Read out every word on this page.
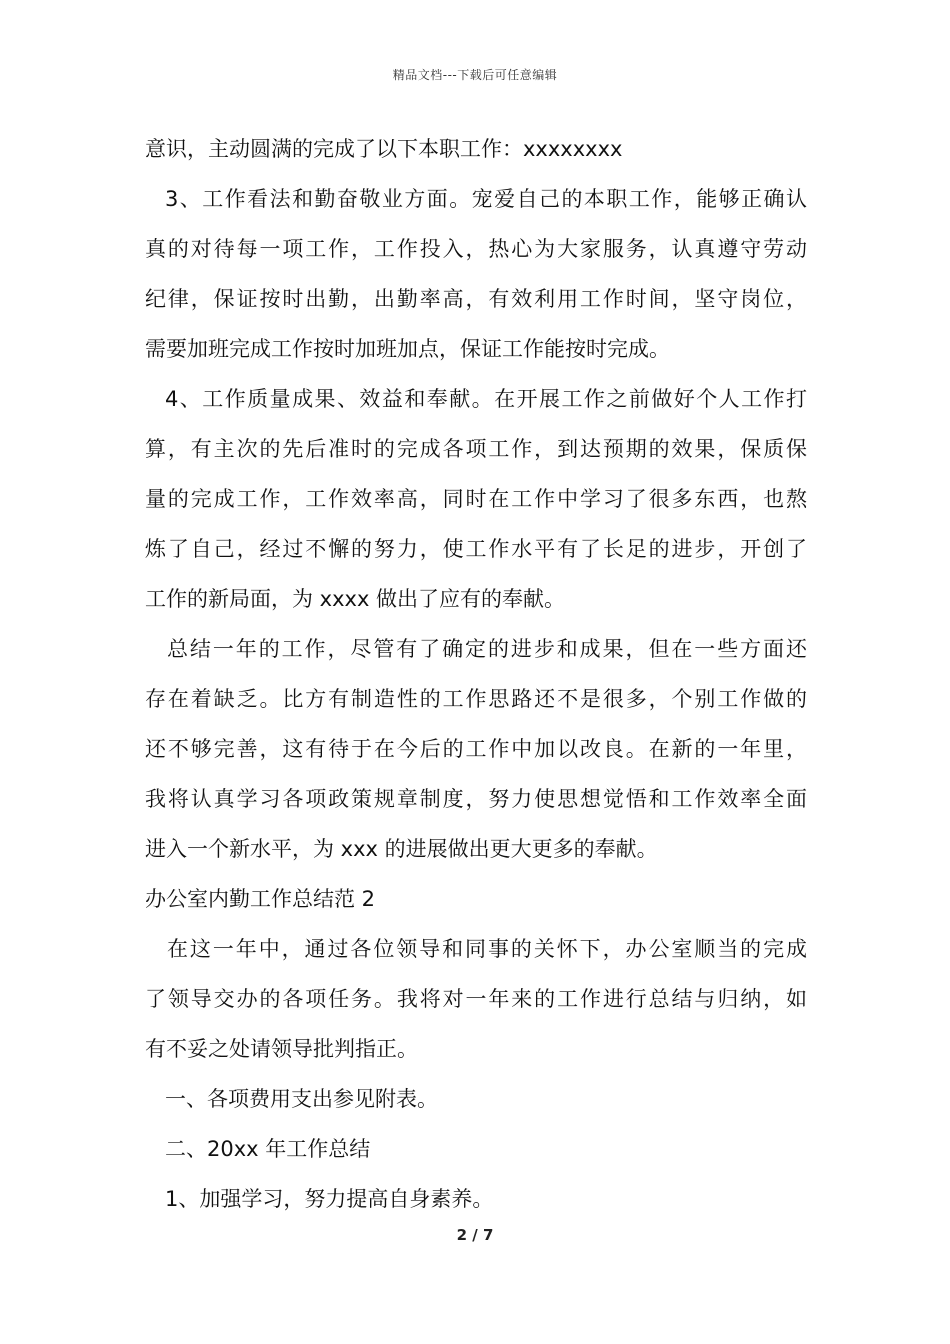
精品文档---下载后可任意编辑
意识，主动圆满的完成了以下本职工作：xxxxxxxx
3、工作看法和勤奋敬业方面。宠爱自己的本职工作，能够正确认
真的对待每一项工作，工作投入，热心为大家服务，认真遵守劳动
纪律，保证按时出勤，出勤率高，有效利用工作时间，坚守岗位，
需要加班完成工作按时加班加点，保证工作能按时完成。
4、工作质量成果、效益和奉献。在开展工作之前做好个人工作打
算，有主次的先后准时的完成各项工作，到达预期的效果，保质保
量的完成工作，工作效率高，同时在工作中学习了很多东西，也熬
炼了自己，经过不懈的努力，使工作水平有了长足的进步，开创了
工作的新局面，为 xxxx 做出了应有的奉献。
总结一年的工作，尽管有了确定的进步和成果，但在一些方面还
存在着缺乏。比方有制造性的工作思路还不是很多，个别工作做的
还不够完善，这有待于在今后的工作中加以改良。在新的一年里，
我将认真学习各项政策规章制度，努力使思想觉悟和工作效率全面
进入一个新水平，为 xxx 的进展做出更大更多的奉献。
办公室内勤工作总结范 2
在这一年中，通过各位领导和同事的关怀下，办公室顺当的完成
了领导交办的各项任务。我将对一年来的工作进行总结与归纳，如
有不妥之处请领导批判指正。
一、各项费用支出参见附表。
二、20xx 年工作总结
1、加强学习，努力提高自身素养。
2 / 7
